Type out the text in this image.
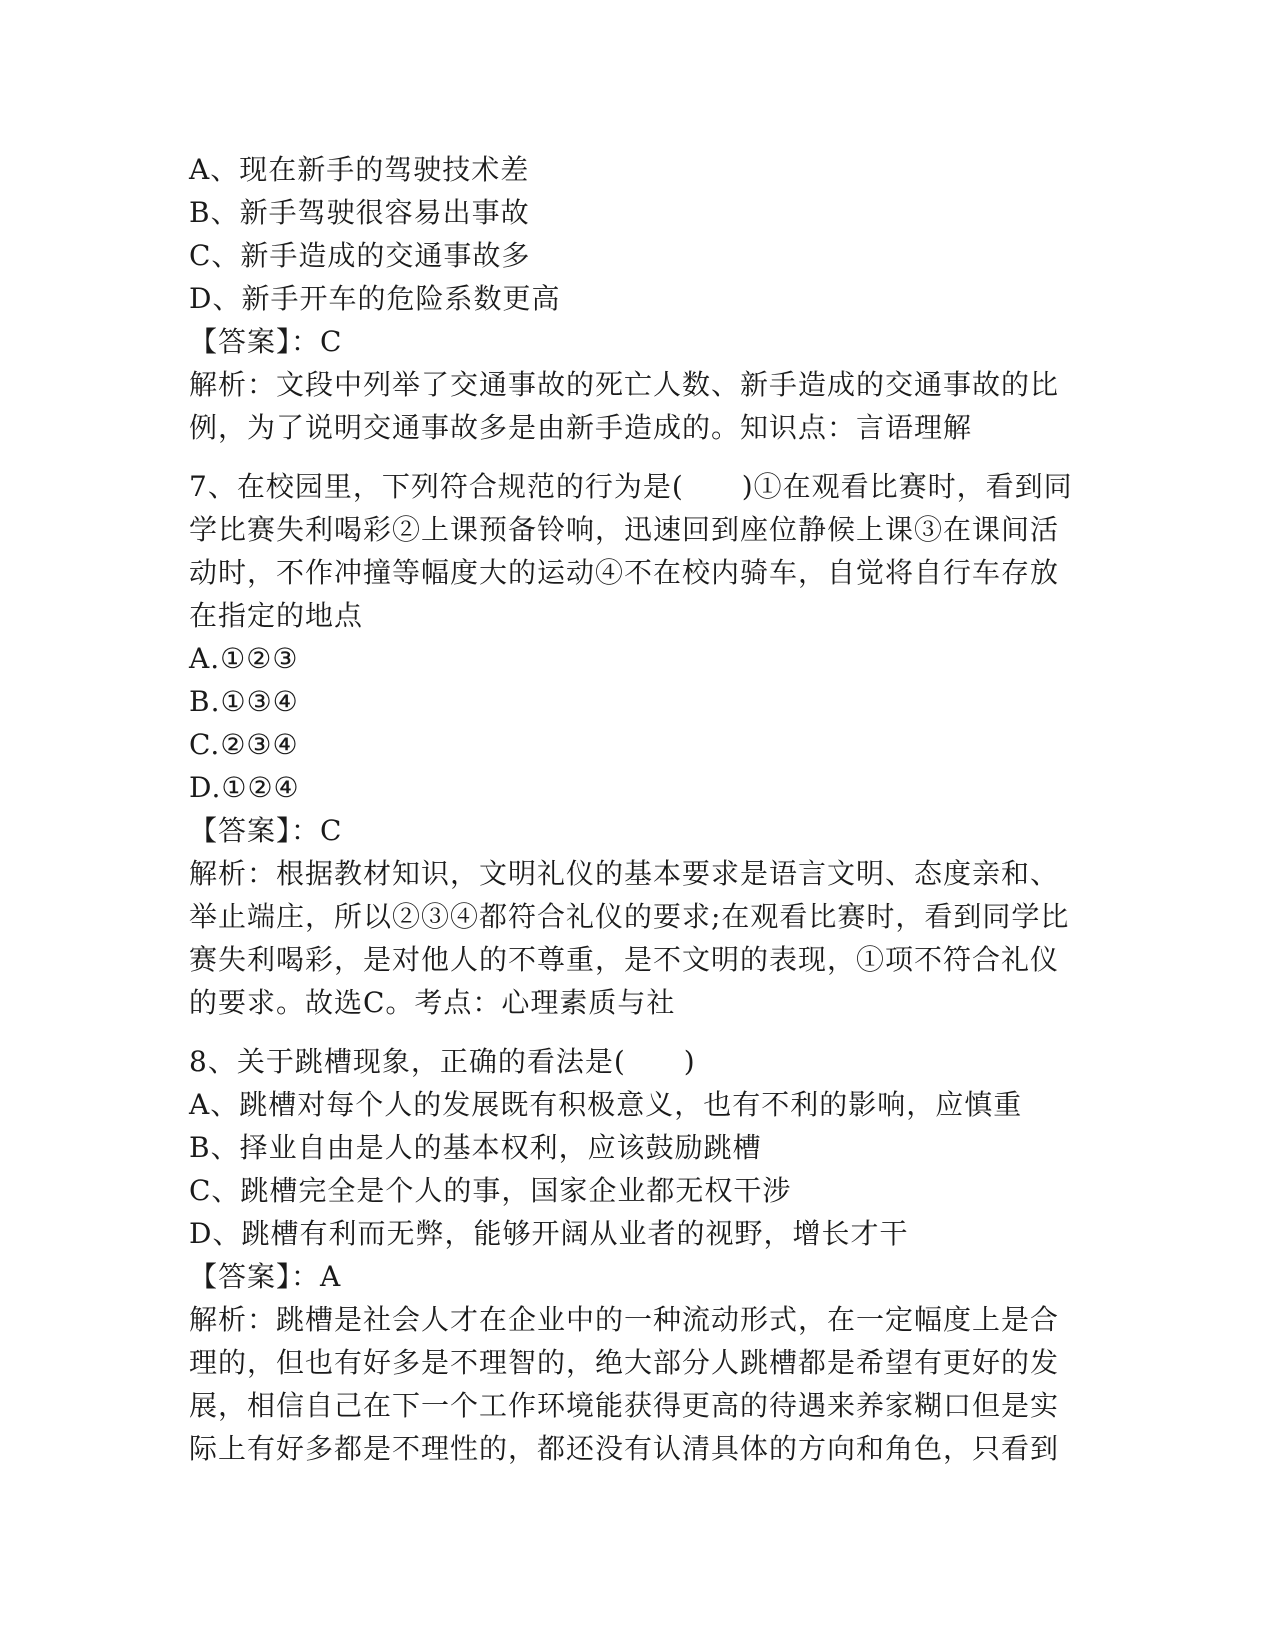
A、现在新手的驾驶技术差
B、新手驾驶很容易出事故
C、新手造成的交通事故多
D、新手开车的危险系数更高
【答案】：C
解析：文段中列举了交通事故的死亡人数、新手造成的交通事故的比
例，为了说明交通事故多是由新手造成的。知识点：言语理解
7、在校园里，下列符合规范的行为是(　　)①在观看比赛时，看到同
学比赛失利喝彩②上课预备铃响，迅速回到座位静候上课③在课间活
动时，不作冲撞等幅度大的运动④不在校内骑车，自觉将自行车存放
在指定的地点
A.①②③
B.①③④
C.②③④
D.①②④
【答案】：C
解析：根据教材知识，文明礼仪的基本要求是语言文明、态度亲和、
举止端庄，所以②③④都符合礼仪的要求;在观看比赛时，看到同学比
赛失利喝彩，是对他人的不尊重，是不文明的表现，①项不符合礼仪
的要求。故选C。考点：心理素质与社
8、关于跳槽现象，正确的看法是(　　)
A、跳槽对每个人的发展既有积极意义，也有不利的影响，应慎重
B、择业自由是人的基本权利，应该鼓励跳槽
C、跳槽完全是个人的事，国家企业都无权干涉
D、跳槽有利而无弊，能够开阔从业者的视野，增长才干
【答案】：A
解析：跳槽是社会人才在企业中的一种流动形式，在一定幅度上是合
理的，但也有好多是不理智的，绝大部分人跳槽都是希望有更好的发
展，相信自己在下一个工作环境能获得更高的待遇来养家糊口但是实
际上有好多都是不理性的，都还没有认清具体的方向和角色，只看到
